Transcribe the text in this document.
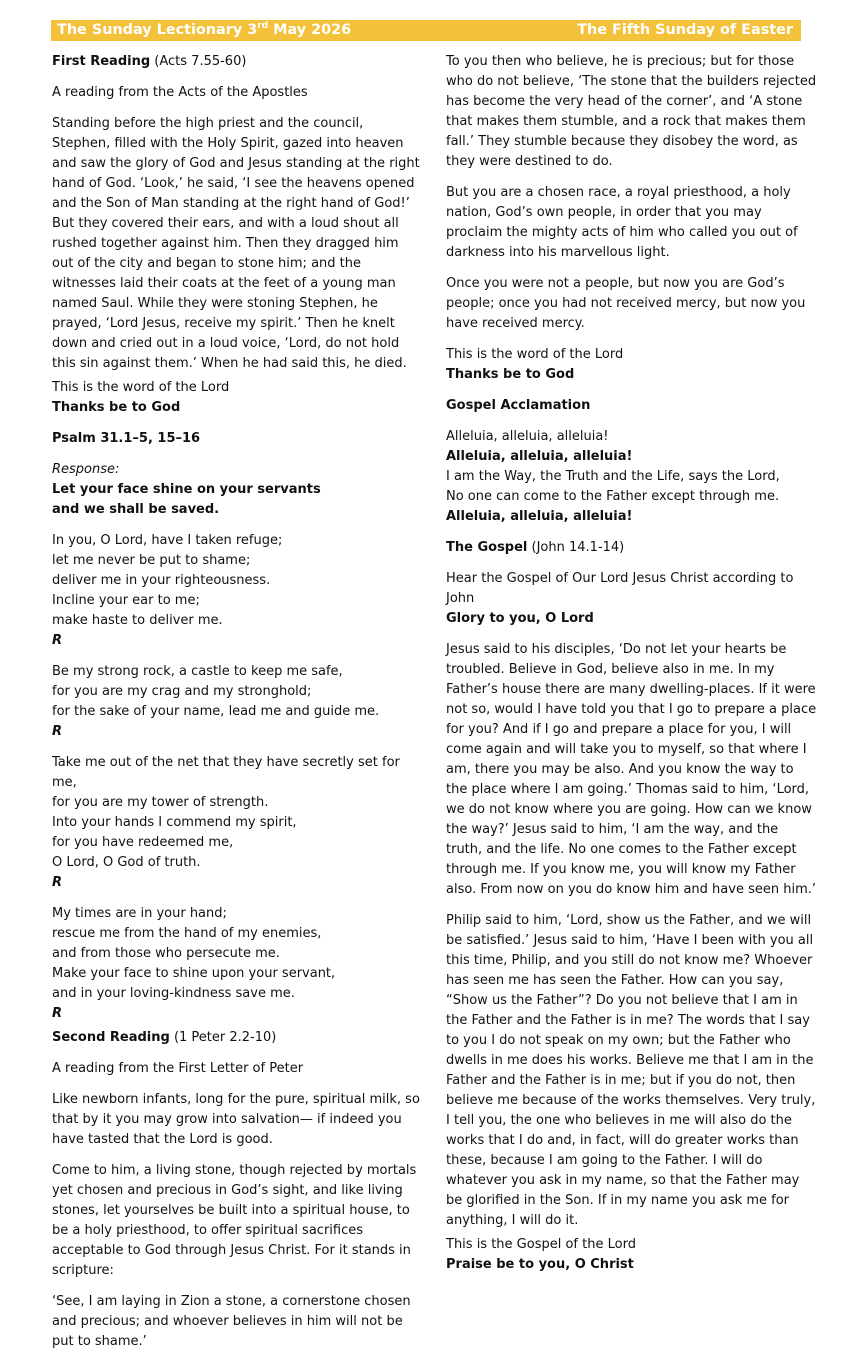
The Sunday Lectionary 3rd May 2026	The Fifth Sunday of Easter

First Reading (Acts 7.55-60)

A reading from the Acts of the Apostles

Standing before the high priest and the council, Stephen, filled with the Holy Spirit, gazed into heaven and saw the glory of God and Jesus standing at the right hand of God. ‘Look,’ he said, ‘I see the heavens opened and the Son of Man standing at the right hand of God!’ But they covered their ears, and with a loud shout all rushed together against him. Then they dragged him out of the city and began to stone him; and the witnesses laid their coats at the feet of a young man named Saul. While they were stoning Stephen, he prayed, ‘Lord Jesus, receive my spirit.’ Then he knelt down and cried out in a loud voice, ‘Lord, do not hold this sin against them.’ When he had said this, he died.

This is the word of the Lord
Thanks be to God

Psalm 31.1–5, 15–16

Response:
Let your face shine on your servants
and we shall be saved.

In you, O Lord, have I taken refuge;
let me never be put to shame;
deliver me in your righteousness.
Incline your ear to me;
make haste to deliver me.
R

Be my strong rock, a castle to keep me safe,
for you are my crag and my stronghold;
for the sake of your name, lead me and guide me.
R

Take me out of the net that they have secretly set for me,
for you are my tower of strength.
Into your hands I commend my spirit,
for you have redeemed me,
O Lord, O God of truth.
R

My times are in your hand;
rescue me from the hand of my enemies,
and from those who persecute me.
Make your face to shine upon your servant,
and in your loving-kindness save me.
R

Second Reading (1 Peter 2.2-10)

A reading from the First Letter of Peter

Like newborn infants, long for the pure, spiritual milk, so that by it you may grow into salvation— if indeed you have tasted that the Lord is good.

Come to him, a living stone, though rejected by mortals yet chosen and precious in God’s sight, and like living stones, let yourselves be built into a spiritual house, to be a holy priesthood, to offer spiritual sacrifices acceptable to God through Jesus Christ. For it stands in scripture:

‘See, I am laying in Zion a stone, a cornerstone chosen and precious; and whoever believes in him will not be put to shame.’

To you then who believe, he is precious; but for those who do not believe, ‘The stone that the builders rejected has become the very head of the corner’, and ‘A stone that makes them stumble, and a rock that makes them fall.’ They stumble because they disobey the word, as they were destined to do.

But you are a chosen race, a royal priesthood, a holy nation, God’s own people, in order that you may proclaim the mighty acts of him who called you out of darkness into his marvellous light.

Once you were not a people, but now you are God’s people; once you had not received mercy, but now you have received mercy.

This is the word of the Lord
Thanks be to God

Gospel Acclamation

Alleluia, alleluia, alleluia!
Alleluia, alleluia, alleluia!
I am the Way, the Truth and the Life, says the Lord,
No one can come to the Father except through me.
Alleluia, alleluia, alleluia!

The Gospel (John 14.1-14)

Hear the Gospel of Our Lord Jesus Christ according to John
Glory to you, O Lord

Jesus said to his disciples, ‘Do not let your hearts be troubled. Believe in God, believe also in me. In my Father’s house there are many dwelling-places. If it were not so, would I have told you that I go to prepare a place for you? And if I go and prepare a place for you, I will come again and will take you to myself, so that where I am, there you may be also. And you know the way to the place where I am going.’ Thomas said to him, ‘Lord, we do not know where you are going. How can we know the way?’ Jesus said to him, ‘I am the way, and the truth, and the life. No one comes to the Father except through me. If you know me, you will know my Father also. From now on you do know him and have seen him.’

Philip said to him, ‘Lord, show us the Father, and we will be satisfied.’ Jesus said to him, ‘Have I been with you all this time, Philip, and you still do not know me? Whoever has seen me has seen the Father. How can you say, “Show us the Father”? Do you not believe that I am in the Father and the Father is in me? The words that I say to you I do not speak on my own; but the Father who dwells in me does his works. Believe me that I am in the Father and the Father is in me; but if you do not, then believe me because of the works themselves. Very truly, I tell you, the one who believes in me will also do the works that I do and, in fact, will do greater works than these, because I am going to the Father. I will do whatever you ask in my name, so that the Father may be glorified in the Son. If in my name you ask me for anything, I will do it.

This is the Gospel of the Lord
Praise be to you, O Christ
